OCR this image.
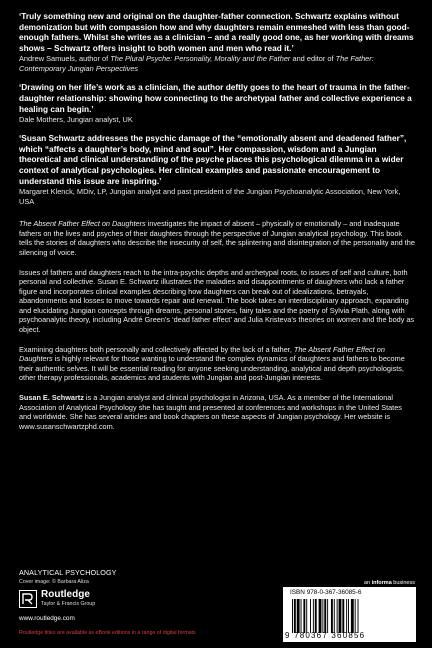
‘Truly something new and original on the daughter-father connection. Schwartz explains without demonization but with compassion how and why daughters remain enmeshed with less than good-enough fathers. Whilst she writes as a clinician – and a really good one, as her working with dreams shows – Schwartz offers insight to both women and men who read it.’
Andrew Samuels, author of The Plural Psyche: Personality, Morality and the Father and editor of The Father: Contemporary Jungian Perspectives
‘Drawing on her life’s work as a clinician, the author deftly goes to the heart of trauma in the father-daughter relationship: showing how connecting to the archetypal father and collective experience a healing can begin.’
Dale Mothers, Jungian analyst, UK
‘Susan Schwartz addresses the psychic damage of the “emotionally absent and deadened father”, which “affects a daughter’s body, mind and soul”. Her compassion, wisdom and a Jungian theoretical and clinical understanding of the psyche places this psychological dilemma in a wider context of analytical psychologies. Her clinical examples and passionate encouragement to understand this issue are inspiring.’
Margaret Klenck, MDiv, LP, Jungian analyst and past president of the Jungian Psychoanalytic Association, New York, USA

The Absent Father Effect on Daughters investigates the impact of absent – physically or emotionally – and inadequate fathers on the lives and psyches of their daughters through the perspective of Jungian analytical psychology. This book tells the stories of daughters who describe the insecurity of self, the splintering and disintegration of the personality and the silencing of voice.

Issues of fathers and daughters reach to the intra-psychic depths and archetypal roots, to issues of self and culture, both personal and collective. Susan E. Schwartz illustrates the maladies and disappointments of daughters who lack a father figure and incorporates clinical examples describing how daughters can break out of idealizations, betrayals, abandonments and losses to move towards repair and renewal. The book takes an interdisciplinary approach, expanding and elucidating Jungian concepts through dreams, personal stories, fairy tales and the poetry of Sylvia Plath, along with psychoanalytic theory, including André Green’s ‘dead father effect’ and Julia Kristeva’s theories on women and the body as object.

Examining daughters both personally and collectively affected by the lack of a father, The Absent Father Effect on Daughters is highly relevant for those wanting to understand the complex dynamics of daughters and fathers to become their authentic selves. It will be essential reading for anyone seeking understanding, analytical and depth psychologists, other therapy professionals, academics and students with Jungian and post-Jungian interests.

Susan E. Schwartz is a Jungian analyst and clinical psychologist in Arizona, USA. As a member of the International Association of Analytical Psychology she has taught and presented at conferences and workshops in the United States and worldwide. She has several articles and book chapters on these aspects of Jungian psychology. Her website is www.susanschwartzphd.com.
ANALYTICAL PSYCHOLOGY
Cover image: © Barbara Aliza
Routledge
Taylor & Francis Group
www.routledge.com
Routledge titles are available as eBook editions in a range of digital formats
an informa business
ISBN 978-0-367-36085-6
9 780367 360856
